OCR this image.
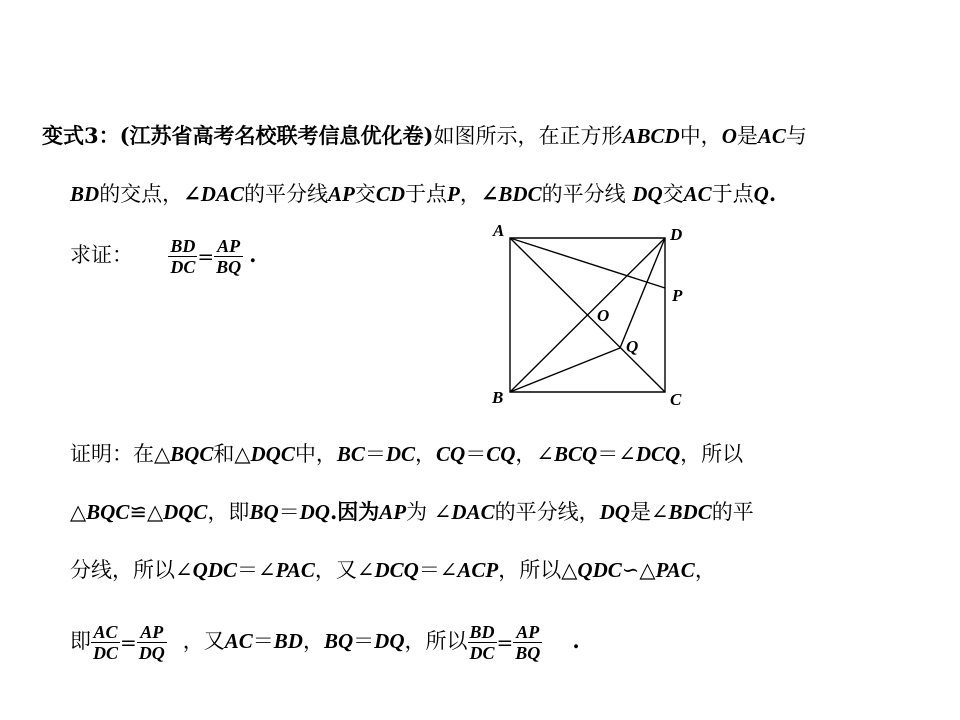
变式3：(江苏省高考名校联考信息优化卷)如图所示，在正方形ABCD中，O是AC与
BD的交点，∠DAC的平分线AP交CD于点P，∠BDC的平分线 DQ交AC于点Q.
求证： $\frac{BD}{DC} = \frac{AP}{BQ}$ .
A	D
P
O
Q
B	C
证明：在△BQC和△DQC中，BC＝DC，CQ＝CQ，∠BCQ＝∠DCQ，所以
△BQC≌△DQC，即BQ＝DQ.因为AP为 ∠DAC的平分线，DQ是∠BDC的平
分线，所以∠QDC＝∠PAC，又∠DCQ＝∠ACP，所以△QDC∽△PAC，
即 $\frac{AC}{DC} = \frac{AP}{DQ}$ ，又AC＝BD，BQ＝DQ，所以 $\frac{BD}{DC} = \frac{AP}{BQ}$ .
